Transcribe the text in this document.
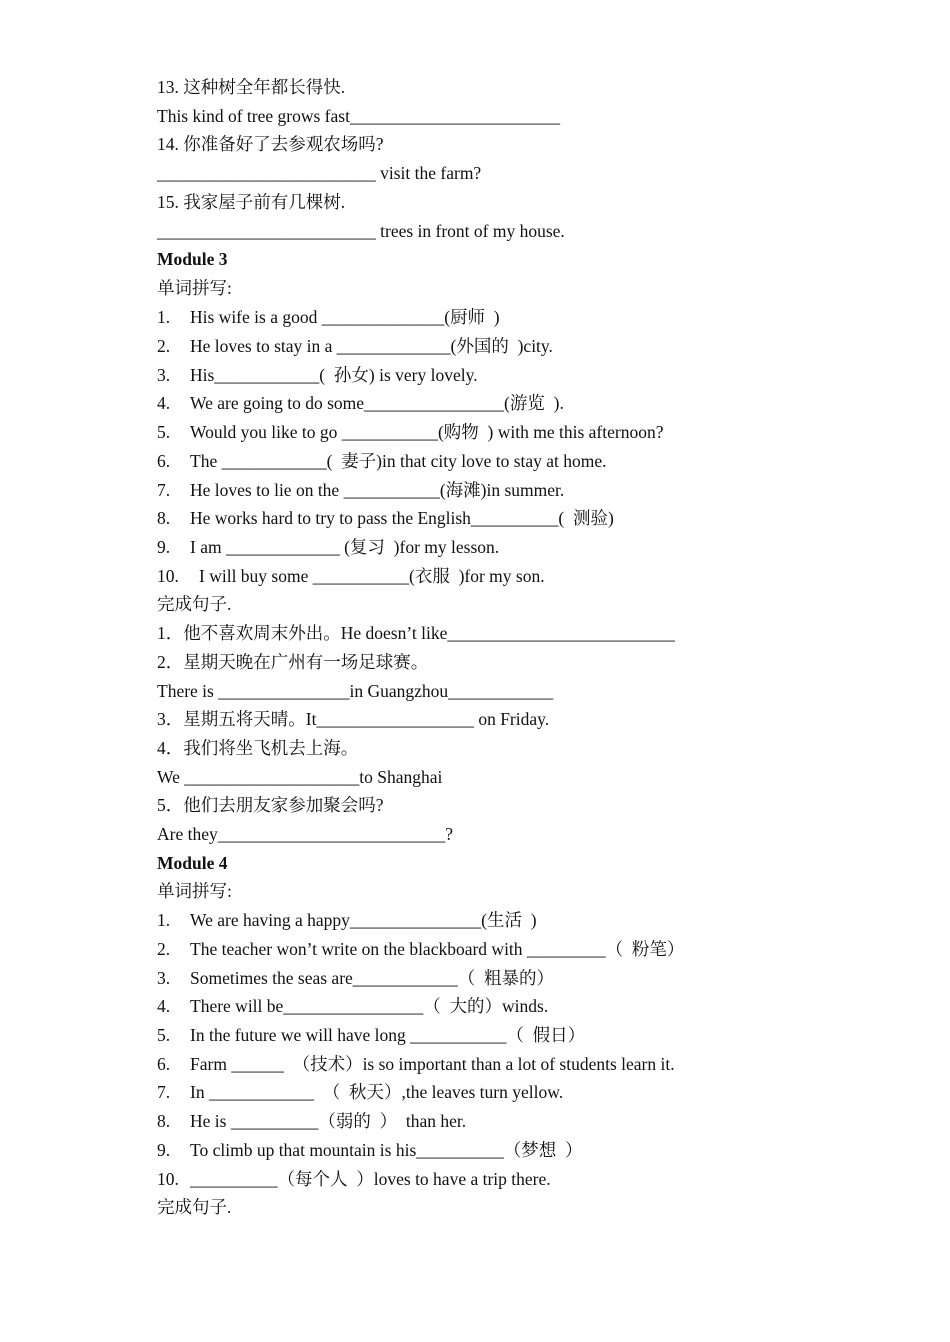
13. 这种树全年都长得快.

This kind of tree grows fast________________________

14. 你准备好了去参观农场吗?

_________________________ visit the farm?

15. 我家屋子前有几棵树.

_________________________ trees in front of my house.

Module 3

单词拼写:

1. His wife is a good ______________(厨师  )

2. He loves to stay in a _____________(外国的  )city.

3. His____________(  孙女) is very lovely.

4. We are going to do some________________(游览  ).

5. Would you like to go ___________(购物  ) with me this afternoon?

6. The ____________(  妻子)in that city love to stay at home.

7. He loves to lie on the ___________(海滩)in summer.

8. He works hard to try to pass the English__________(  测验)

9. I am _____________ (复习  )for my lesson.

10. I will buy some ___________(衣服  )for my son.

完成句子.

1．他不喜欢周末外出。He doesn’t like__________________________

2．星期天晚在广州有一场足球赛。

There is _______________in Guangzhou____________

3．星期五将天晴。It__________________ on Friday.

4．我们将坐飞机去上海。

We ____________________to Shanghai

5．他们去朋友家参加聚会吗?

Are they__________________________?

Module 4

单词拼写:

1. We are having a happy_______________(生活  )

2. The teacher won’t write on the blackboard with _________（  粉笔）

3. Sometimes the seas are____________（  粗暴的）

4. There will be________________（  大的）winds.

5. In the future we will have long ___________（  假日）

6. Farm ______  （技术）is so important than a lot of students learn it.

7. In ____________  （  秋天）,the leaves turn yellow.

8. He is __________（弱的  ）  than her.

9. To climb up that mountain is his__________（梦想  ）

10. __________（每个人  ）loves to have a trip there.

完成句子.
